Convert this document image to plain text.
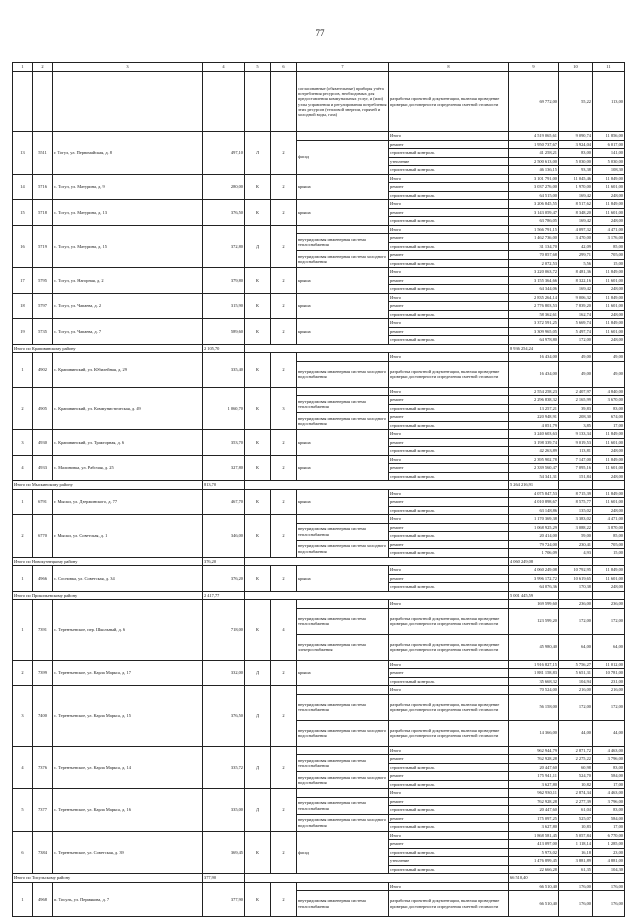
77
1	2	3	4	5	6	7	8	9	10	11
						согласованные (обязательные) приборы учёта потребления ресурсов, необходимых для предоставления коммунальных услуг, и (или) узлы управления и регулирования потребления этих ресурсов (тепловой энергии, горячей и холодной воды, газа)	разработка проектной документации, включая проведение проверки достоверности определения сметной стоимости	69 772,00	55,22	113,00
13	5511	г. Тогул, ул. Первомайская, д. 8	497,10	Л	2		Итого	4 519 065,61	9 090,74	11 856,00
						фасад	ремонт	1 950 737,67	3 924,04	6 017,00
							строительный контроль	41 258,21	83,00	141,00
							утепление	2 500 613,00	5 030,00	5 030,00
							строительный контроль	46 136,15	93,38	108,30
14	5716	с. Тогул, ул. Матурина, д. 9	280,00	К	2	крыша	Итого	3 101 791,00	11 045,46	11 849,00
							ремонт	3 037 276,00	1 970,00	11 601,00
							строительный контроль	64 515,00	169,42	248,00
15	5718	с. Тогул, ул. Матурина, д. 13	376,50	К	2	крыша	Итого	3 206 845,55	8 517,62	11 849,00
							ремонт	3 143 059,47	8 348,20	11 601,00
							строительный контроль	63 786,05	169,42	248,00
16	5719	с. Тогул, ул. Матурина, д. 15	372,80	Д	2		Итого	1 566 791,15	4 097,32	4 471,00
						внутридомовая инженерная система теплоснабжения	ремонт	1 462 736,00	3 470,00	3 176,00
							строительный контроль	31 134,70	42,09	85,00
						внутридомовая инженерная система холодного водоснабжения	ремонт	70 857,68	299,71	705,00
							строительный контроль	2 072,53	5,56	15,00
17	5795	с. Тогул, ул. Нагорная, д. 2	379,80	К	2	крыша	Итого	3 220 063,72	8 481,36	11 849,00
							ремонт	3 155 364,66	8 322,16	11 601,00
							строительный контроль	64 344,06	169,42	248,00
18	5797	с. Тогул, ул. Чапаева, д. 2	315,90	К	2	крыша	Итого	2 835 264,14	9 006,32	11 849,00
							ремонт	2 776 803,53	7 839,20	11 601,00
							строительный контроль	58 362,61	162,74	248,00
19	5735	с. Тогул, ул. Чапаева, д. 7	589,60	К	2	крыша	Итого	3 372 591,25	5 669,74	11 849,00
							ремонт	3 309 965,05	5 497,74	11 601,00
							строительный контроль	64 978,80	172,00	248,00
Итого по Крапивинскому району			2 105,70					8 936 254,24		
1	4902	с. Крапивинский, ул. Юбилейная, д. 29	335,40	К	2		Итого	16 434,00	49,00	49,00
						внутридомовая инженерная система холодного водоснабжения	разработка проектной документации, включая проведение проверки достоверности определения сметной стоимости	16 434,00	49,00	49,00
2	4905	с. Крапивинский, ул. Коммунистическая, д. 49	1 060,70	К	3		Итого	2 554 258,23	2 407,97	4 840,00
						внутридомовая инженерная система теплоснабжения	ремонт	2 296 838,32	2 165,99	3 670,00
							строительный контроль	13 257,21	39,83	83,00
						внутридомовая инженерная система холодного водоснабжения	ремонт	220 948,91	208,30	674,00
							строительный контроль	4 051,79	3,85	17,00
3	4930	с. Крапивинский, ул. Тракторная, д. 6	353,70	К	2	крыша	Итого	3 240 603,63	9 133,34	11 849,00
							ремонт	3 198 339,74	9 019,53	11 601,00
							строительный контроль	42 263,89	113,81	248,00
4	4933	с. Малиновка, ул. Рабочая, д. 25	327,80	К	2	крыша	Итого	2 395 902,78	7 147,00	11 849,00
							ремонт	2 339 560,47	7 095,16	11 601,00
							строительный контроль	54 341,31	151,84	248,00
Итого по Мыскинскому району			813,70					5 264 216,91		
1	6791	г. Мыски, ул. Дзержинского, д. 77	467,70	К	2	крыша	Итого	4 075 847,53	8 715,39	11 849,00
							ремонт	4 010 898,67	8 575,77	11 601,00
							строительный контроль	63 148,86	135,02	248,00
2	6770	г. Мыски, ул. Советская, д. 1	346,00	К	2		Итого	1 170 369,38	3 383,02	4 471,00
						внутридомовая инженерная система теплоснабжения	ремонт	1 068 925,29	3 088,22	3 870,00
							строительный контроль	20 414,00	59,00	85,00
						внутридомовая инженерная система холодного водоснабжения	ремонт	79 724,00	230,41	705,00
							строительный контроль	1 706,09	4,93	15,00
Итого по Новокузнецкому району			376,20					4 060 249,08		
1	4966	с. Сосновка, ул. Советская, д. 34	376,20	К	2	крыша	Итого	4 060 249,08	10 792,95	11 849,00
							ремонт	3 996 172,72	10 619,65	11 601,00
							строительный контроль	64 076,36	170,38	248,00
Итого по Прокопьевскому району			2 417,77					5 001 445,59		
1	7391	с. Терентьевское, пер. Школьный, д. 6	718,00	К	4		Итого	169 599,60	236,00	236,00
						внутридомовая инженерная система теплоснабжения	разработка проектной документации, включая проведение проверки достоверности определения сметной стоимости	123 599,20	172,00	172,00
						внутридомовая инженерная система электроснабжения	разработка проектной документации, включая проведение проверки достоверности определения сметной стоимости	45 980,40	64,00	64,00
2	7399	с. Терентьевское, ул. Карла Маркса, д. 17	332,00	Д	2	крыша	Итого	1 916 827,15	5 756,27	11 012,00
							ремонт	1 881 158,83	5 651,31	10 781,00
							строительный контроль	35 668,32	104,94	231,00
3	7400	с. Терентьевское, ул. Карла Маркса, д. 15	376,50	Д	2		Итого	70 524,00	216,00	216,00
						внутридомовая инженерная система теплоснабжения	разработка проектной документации, включая проведение проверки достоверности определения сметной стоимости	56 158,00	172,00	172,00
						внутридомовая инженерная система холодного водоснабжения	разработка проектной документации, включая проведение проверки достоверности определения сметной стоимости	14 366,00	44,00	44,00
4	7376	с. Терентьевское, ул. Карла Маркса, д. 14	335,72	Д	2		Итого	962 944,79	2 871,72	4 463,00
						внутридомовая инженерная система теплоснабжения	ремонт	762 928,28	2 275,22	3 796,00
							строительный контроль	20 447,60	60,98	83,00
						внутридомовая инженерная система холодного водоснабжения	ремонт	175 941,11	524,70	584,00
							строительный контроль	3 627,80	10,82	17,00
5	7377	с. Терентьевское, ул. Карла Маркса, д. 16	335,00	Д	2		Итого	962 930,11	2 874,34	4 463,00
						внутридомовая инженерная система теплоснабжения	ремонт	762 928,28	2 277,39	3 796,00
							строительный контроль	20 447,60	61,04	83,00
						внутридомовая инженерная система холодного водоснабжения	ремонт	175 097,25	525,07	584,00
							строительный контроль	3 627,80	10,83	17,00
6	7384	с. Терентьевское, ул. Советская, д. 39	369,45	К	2	фасад	Итого	1 868 581,45	5 057,84	6 770,00
							ремонт	413 097,00	1 118,14	1 285,00
							строительный контроль	5 973,02	16,18	23,00
							утепление	1 476 899,45	3 881,89	4 881,00
							строительный контроль	22 666,28	61,35	104,30
Итого по Тисульскому району			377,90					66 510,40		
1	4968	п. Тисуль, ул. Пермякова, д. 7	377,90	К	2		Итого	66 510,40	176,00	176,00
						внутридомовая инженерная система теплоснабжения	разработка проектной документации, включая проведение проверки достоверности определения сметной стоимости	66 510,40	176,00	176,00
